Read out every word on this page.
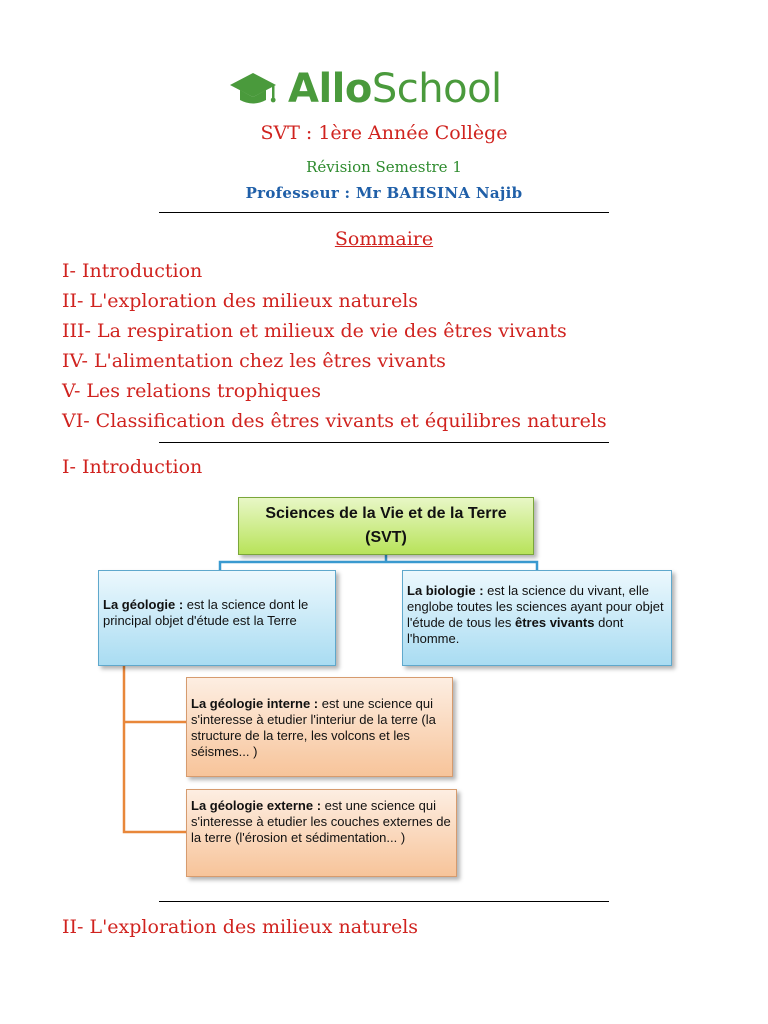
AlloSchool
SVT : 1ère Année Collège
Révision Semestre 1
Professeur : Mr BAHSINA Najib
Sommaire
I- Introduction
II- L'exploration des milieux naturels
III- La respiration et milieux de vie des êtres vivants
IV- L'alimentation chez les êtres vivants
V- Les relations trophiques
VI- Classification des êtres vivants et équilibres naturels
I- Introduction
Sciences de la Vie et de la Terre
(SVT)
La géologie : est la science dont le principal objet d'étude est la Terre
La biologie : est la science du vivant, elle englobe toutes les sciences ayant pour objet l'étude de tous les êtres vivants dont l'homme.
La géologie interne : est une science qui s'interesse à etudier l'interiur de la terre (la structure de la terre, les volcons et les séismes... )
La géologie externe : est une science qui s'interesse à etudier les couches externes de la terre (l'érosion et sédimentation... )
II- L'exploration des milieux naturels
